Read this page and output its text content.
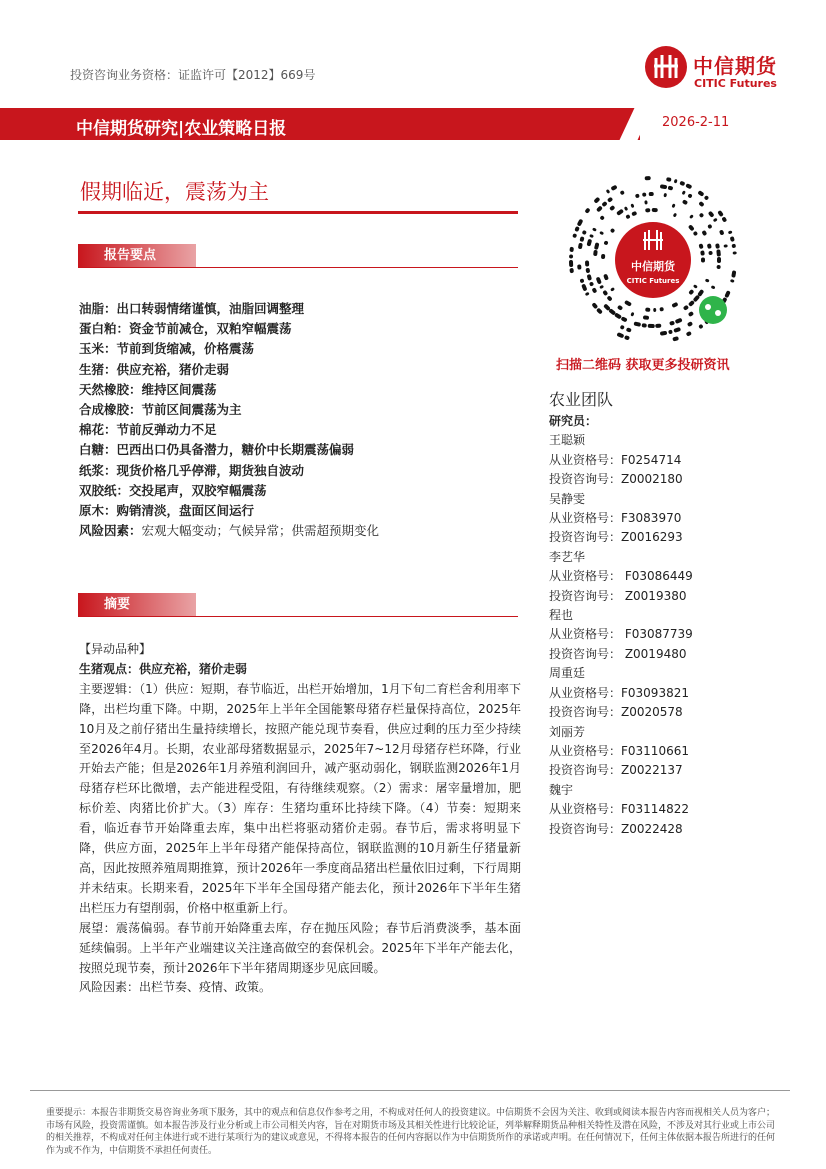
投资咨询业务资格：证监许可【2012】669号	中信期货
CITIC Futures
中信期货研究|农业策略日报	2026-2-11
假期临近，震荡为主
报告要点
油脂：出口转弱情绪谨慎，油脂回调整理
蛋白粕：资金节前减仓，双粕窄幅震荡
玉米：节前到货缩减，价格震荡
生猪：供应充裕，猪价走弱
天然橡胶：维持区间震荡
合成橡胶：节前区间震荡为主
棉花：节前反弹动力不足
白糖：巴西出口仍具备潜力，糖价中长期震荡偏弱
纸浆：现货价格几乎停滞，期货独自波动
双胶纸：交投尾声，双胶窄幅震荡
原木：购销清淡，盘面区间运行
风险因素：宏观大幅变动；气候异常；供需超预期变化
摘要

【异动品种】

生猪观点：供应充裕，猪价走弱

主要逻辑：（1）供应：短期，春节临近，出栏开始增加，1月下旬二育栏舍利用率下降，出栏均重下降。中期，2025年上半年全国能繁母猪存栏量保持高位，2025年10月及之前仔猪出生量持续增长，按照产能兑现节奏看，供应过剩的压力至少持续至2026年4月。长期，农业部母猪数据显示，2025年7~12月母猪存栏环降，行业开始去产能；但是2026年1月养殖利润回升，减产驱动弱化，钢联监测2026年1月母猪存栏环比微增，去产能进程受阻，有待继续观察。（2）需求：屠宰量增加，肥标价差、肉猪比价扩大。（3）库存：生猪均重环比持续下降。（4）节奏：短期来看，临近春节开始降重去库，集中出栏将驱动猪价走弱。春节后，需求将明显下降，供应方面，2025年上半年母猪产能保持高位，钢联监测的10月新生仔猪量新高，因此按照养殖周期推算，预计2026年一季度商品猪出栏量依旧过剩，下行周期并未结束。长期来看，2025年下半年全国母猪产能去化，预计2026年下半年生猪出栏压力有望削弱，价格中枢重新上行。

展望：震荡偏弱。春节前开始降重去库，存在抛压风险；春节后消费淡季，基本面延续偏弱。上半年产业端建议关注逢高做空的套保机会。2025年下半年产能去化，按照兑现节奏，预计2026年下半年猪周期逐步见底回暖。

风险因素：出栏节奏、疫情、政策。

中信期货
CITIC Futures
扫描二维码 获取更多投研资讯
农业团队
研究员：
王聪颖
从业资格号：F0254714
投资咨询号：Z0002180
吴静雯
从业资格号：F3083970
投资咨询号：Z0016293
李艺华
从业资格号： F03086449
投资咨询号： Z0019380
程也
从业资格号： F03087739
投资咨询号： Z0019480
周重廷
从业资格号：F03093821
投资咨询号：Z0020578
刘丽芳
从业资格号：F03110661
投资咨询号：Z0022137
魏宇
从业资格号：F03114822
投资咨询号：Z0022428
重要提示：本报告非期货交易咨询业务项下服务，其中的观点和信息仅作参考之用，不构成对任何人的投资建议。中信期货不会因为关注、收到或阅读本报告内容而视相关人员为客户；市场有风险，投资需谨慎。如本报告涉及行业分析或上市公司相关内容，旨在对期货市场及其相关性进行比较论证，列举解释期货品种相关特性及潜在风险，不涉及对其行业或上市公司的相关推荐，不构成对任何主体进行或不进行某项行为的建议或意见，不得将本报告的任何内容据以作为中信期货所作的承诺或声明。在任何情况下，任何主体依据本报告所进行的任何作为或不作为，中信期货不承担任何责任。
